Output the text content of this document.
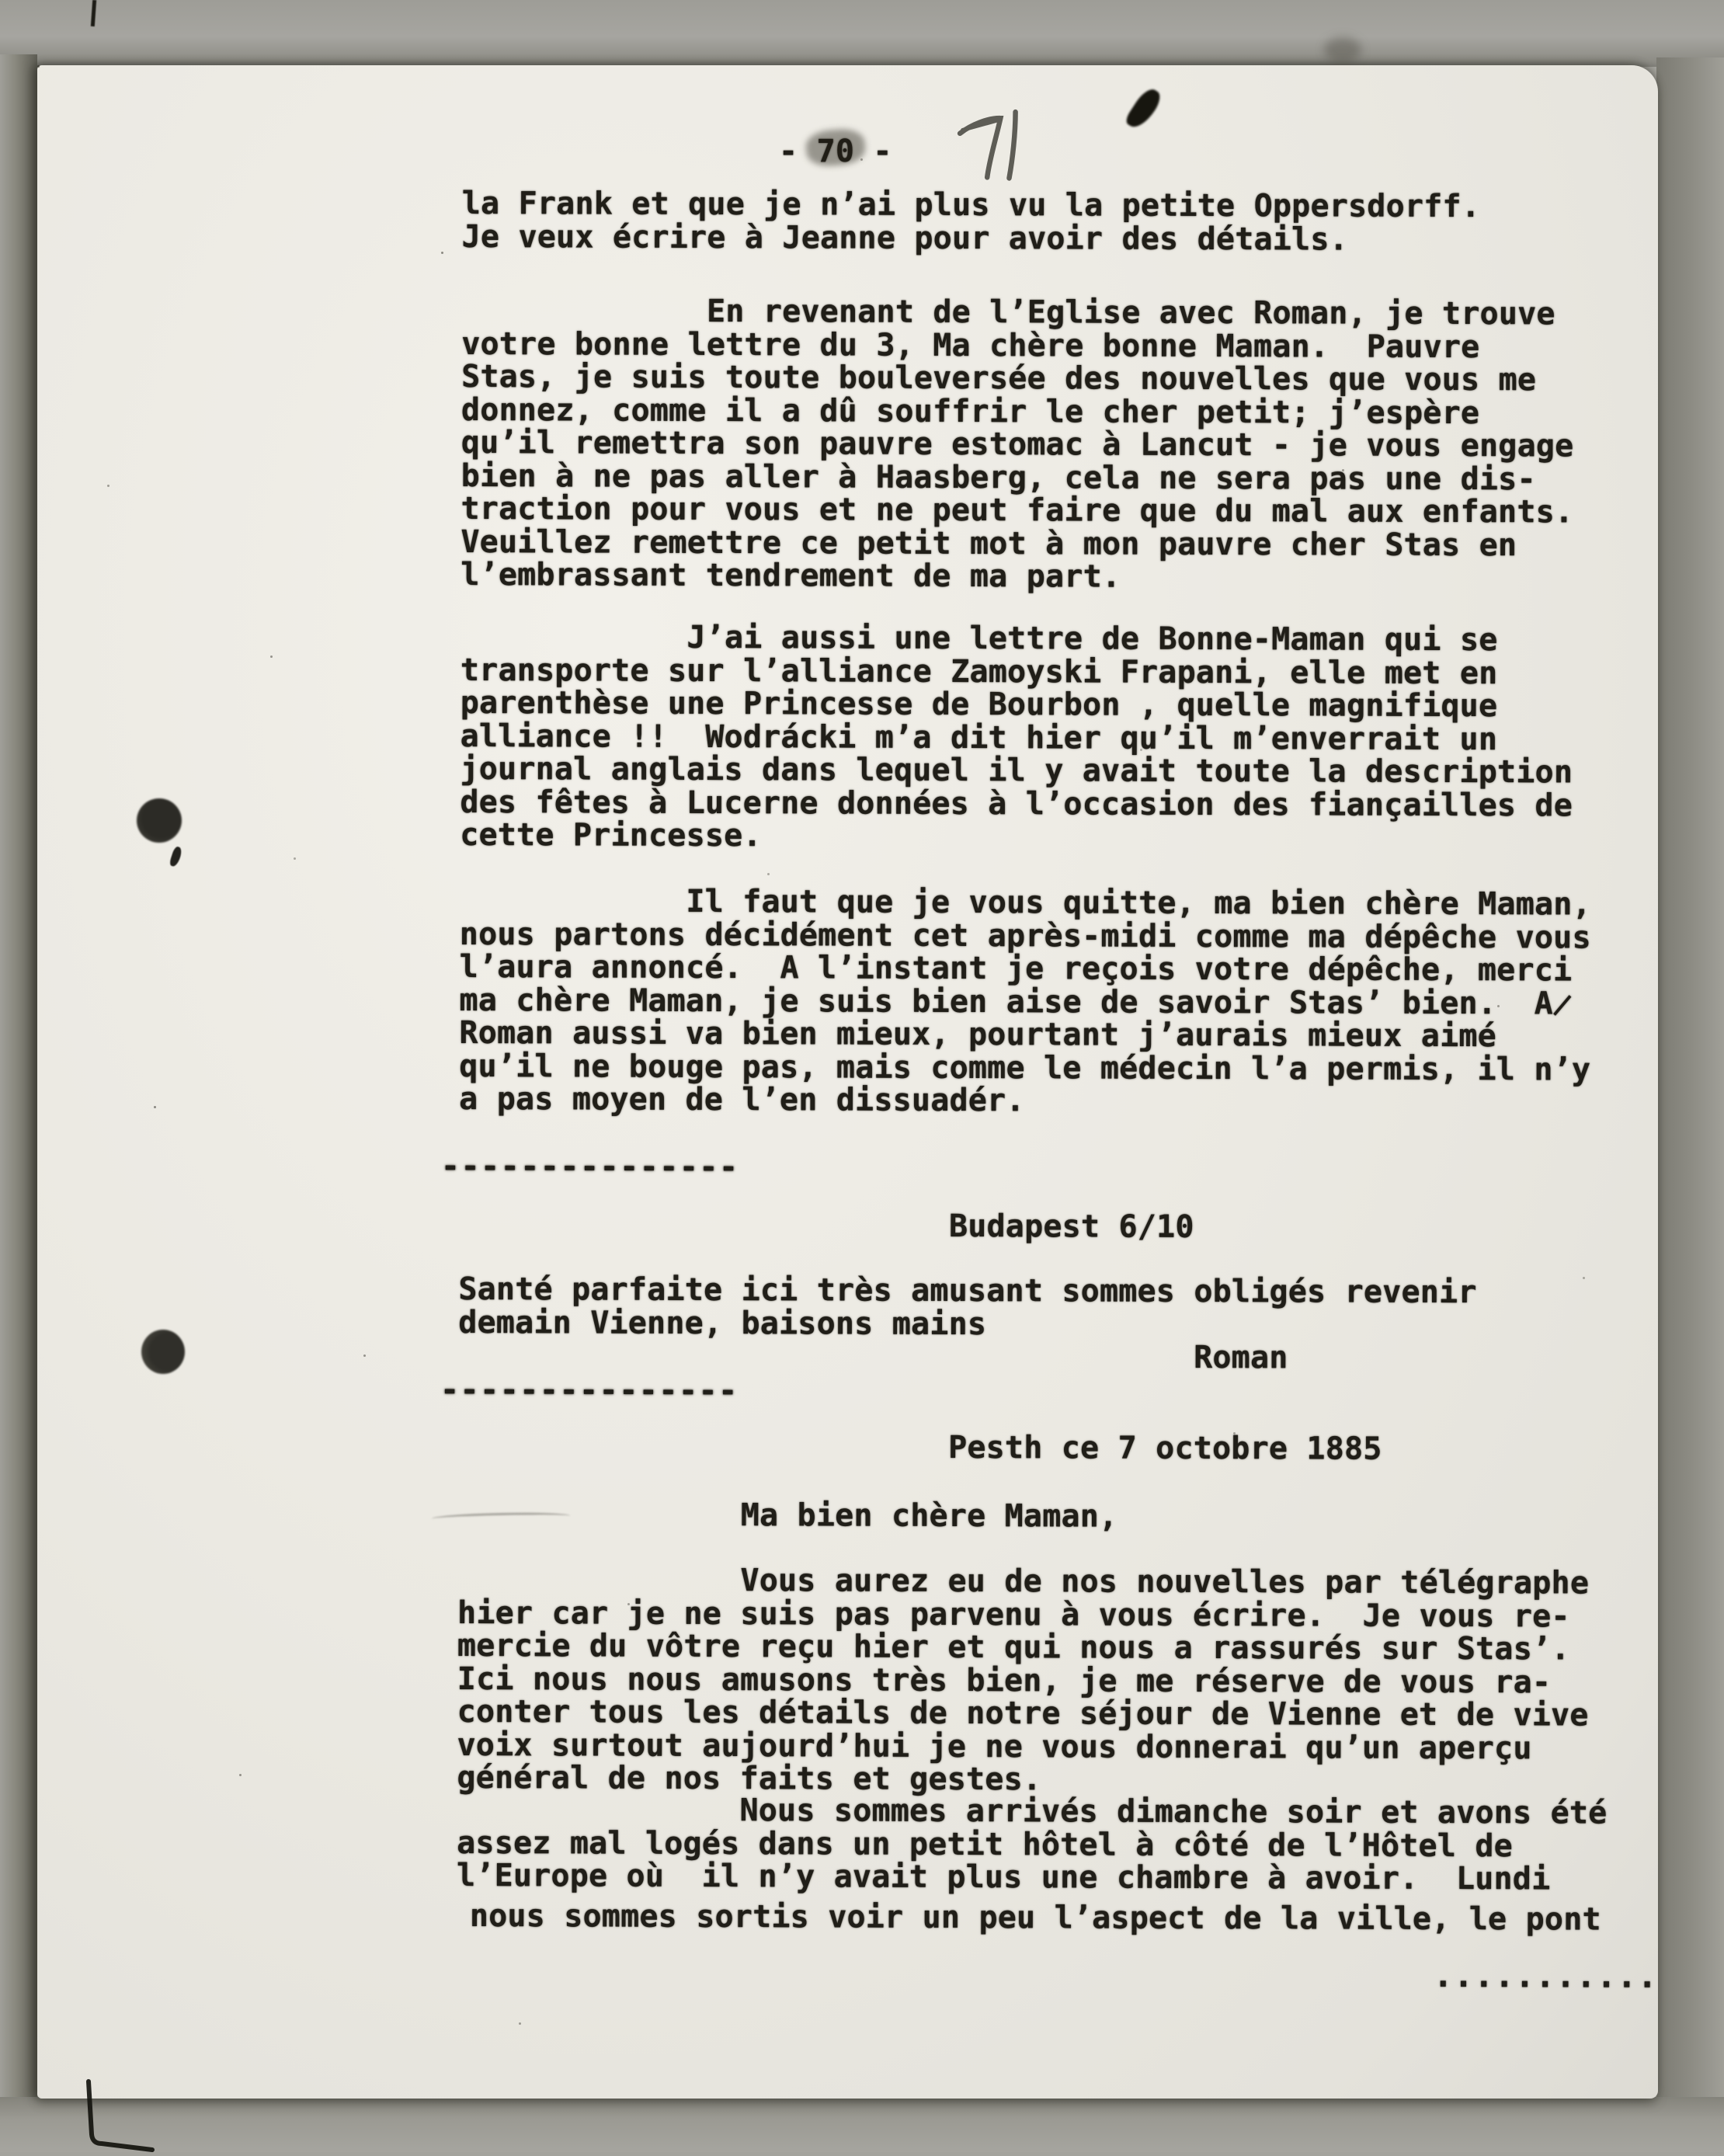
- 70 -
la Frank et que je n’ai plus vu la petite Oppersdorff.
Je veux écrire à Jeanne pour avoir des détails.
En revenant de l’Eglise avec Roman, je trouve
votre bonne lettre du 3, Ma chère bonne Maman.  Pauvre
Stas, je suis toute bouleversée des nouvelles que vous me
donnez, comme il a dû souffrir le cher petit; j’espère
qu’il remettra son pauvre estomac à Lancut - je vous engage
bien à ne pas aller à Haasberg, cela ne sera pas une dis-
traction pour vous et ne peut faire que du mal aux enfants.
Veuillez remettre ce petit mot à mon pauvre cher Stas en
l’embrassant tendrement de ma part.
J’ai aussi une lettre de Bonne-Maman qui se
transporte sur l’alliance Zamoyski Frapani, elle met en
parenthèse une Princesse de Bourbon , quelle magnifique
alliance !!  Wodrácki m’a dit hier qu’il m’enverrait un
journal anglais dans lequel il y avait toute la description
des fêtes à Lucerne données à l’occasion des fiançailles de
cette Princesse.
Il faut que je vous quitte, ma bien chère Maman,
nous partons décidément cet après-midi comme ma dépêche vous
l’aura annoncé.  A l’instant je reçois votre dépêche, merci
ma chère Maman, je suis bien aise de savoir Stas’ bien.  A̷
Roman aussi va bien mieux, pourtant j’aurais mieux aimé
qu’il ne bouge pas, mais comme le médecin l’a permis, il n’y
a pas moyen de l’en dissuadér.
---------------
Budapest 6/10
Santé parfaite ici très amusant sommes obligés revenir
demain Vienne, baisons mains
Roman
---------------
Pesth ce 7 octobre 1885
Ma bien chère Maman,
Vous aurez eu de nos nouvelles par télégraphe
hier car je ne suis pas parvenu à vous écrire.  Je vous re-
mercie du vôtre reçu hier et qui nous a rassurés sur Stas’.
Ici nous nous amusons très bien, je me réserve de vous ra-
conter tous les détails de notre séjour de Vienne et de vive
voix surtout aujourd’hui je ne vous donnerai qu’un aperçu
général de nos faits et gestes.
Nous sommes arrivés dimanche soir et avons été
assez mal logés dans un petit hôtel à côté de l’Hôtel de
l’Europe où  il n’y avait plus une chambre à avoir.  Lundi
nous sommes sortis voir un peu l’aspect de la ville, le pont
...........
